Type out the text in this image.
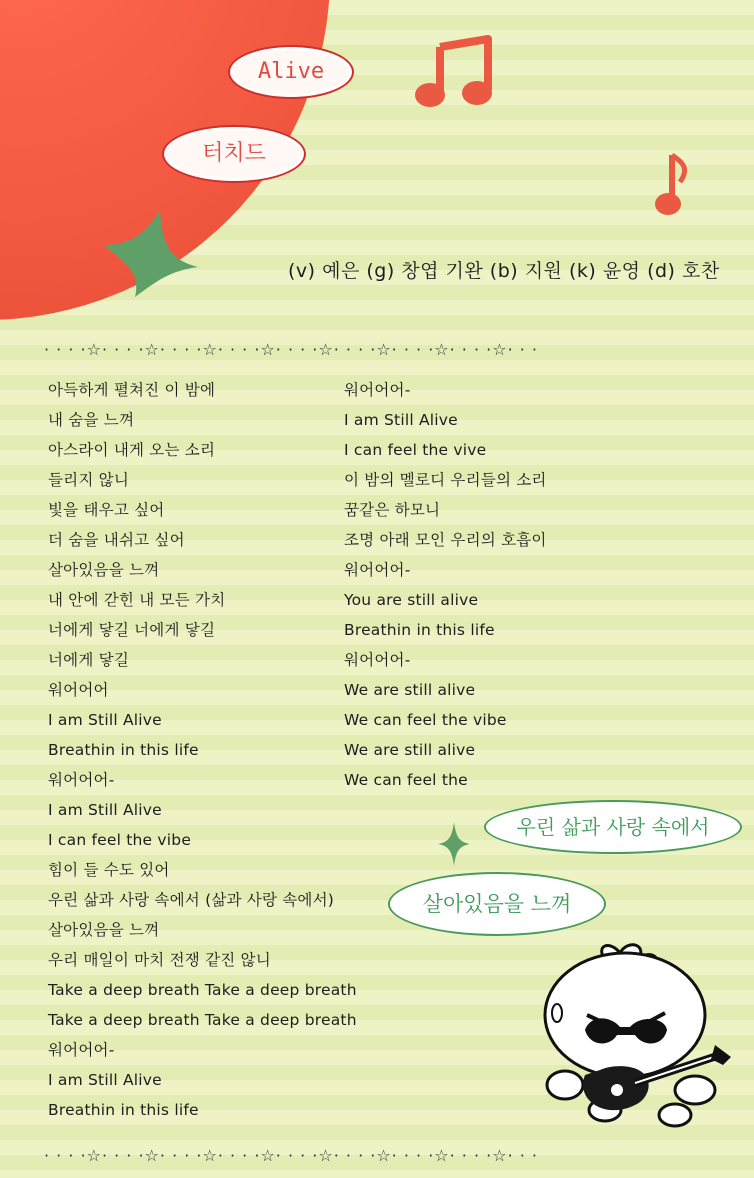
Alive
터치드
(v) 예은 (g) 창엽 기완 (b) 지원 (k) 윤영 (d) 호찬
· · · ·☆· · · ·☆· · · ·☆· · · ·☆· · · ·☆· · · ·☆· · · ·☆· · · ·☆· · ·
아득하게 펼쳐진 이 밤에
내 숨을 느껴
아스라이 내게 오는 소리
들리지 않니
빛을 태우고 싶어
더 숨을 내쉬고 싶어
살아있음을 느껴
내 안에 갇힌 내 모든 가치
너에게 닿길 너에게 닿길
너에게 닿길
워어어어
I am Still Alive
Breathin in this life
워어어어-
I am Still Alive
I can feel the vibe
힘이 들 수도 있어
우린 삶과 사랑 속에서 (삶과 사랑 속에서)
살아있음을 느껴
우리 매일이 마치 전쟁 같진 않니
Take a deep breath Take a deep breath
Take a deep breath Take a deep breath
워어어어-
I am Still Alive
Breathin in this life
워어어어-
I am Still Alive
I can feel the vive
이 밤의 멜로디 우리들의 소리
꿈같은 하모니
조명 아래 모인 우리의 호흡이
워어어어-
You are still alive
Breathin in this life
워어어어-
We are still alive
We can feel the vibe
We are still alive
We can feel the
우린 삶과 사랑 속에서
살아있음을 느껴
· · · ·☆· · · ·☆· · · ·☆· · · ·☆· · · ·☆· · · ·☆· · · ·☆· · · ·☆· · ·
